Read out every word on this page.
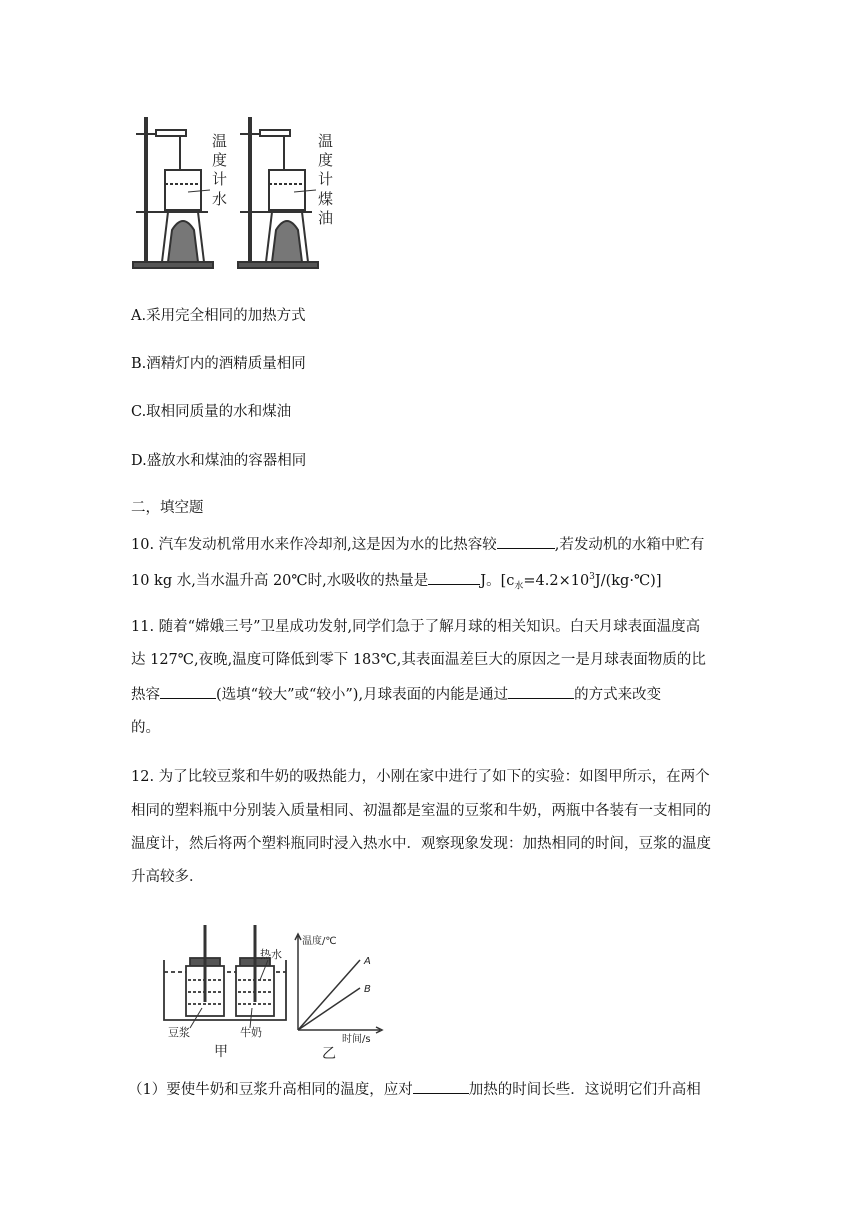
温
度
计
水
温
度
计
煤
油
A.采用完全相同的加热方式
B.酒精灯内的酒精质量相同
C.取相同质量的水和煤油
D.盛放水和煤油的容器相同
二，填空题
10. 汽车发动机常用水来作冷却剂,这是因为水的比热容较	,若发动机的水箱中贮有
10 kg 水,当水温升高 20℃时,水吸收的热量是	J。$[c_水=4.2\times 10^3J/(kg\cdot℃)]$
11. 随着“嫦娥三号”卫星成功发射,同学们急于了解月球的相关知识。白天月球表面温度高
达 127℃,夜晚,温度可降低到零下 183℃,其表面温差巨大的原因之一是月球表面物质的比
热容	(选填“较大”或“较小”),月球表面的内能是通过	的方式来改变
的。
12. 为了比较豆浆和牛奶的吸热能力，小刚在家中进行了如下的实验：如图甲所示，在两个
相同的塑料瓶中分别装入质量相同、初温都是室温的豆浆和牛奶，两瓶中各装有一支相同的
温度计，然后将两个塑料瓶同时浸入热水中．观察现象发现：加热相同的时间，豆浆的温度
升高较多．
热水
豆浆	牛奶
甲
A
B
温度/℃
时间/s
乙
（1）要使牛奶和豆浆升高相同的温度，应对	加热的时间长些．这说明它们升高相
